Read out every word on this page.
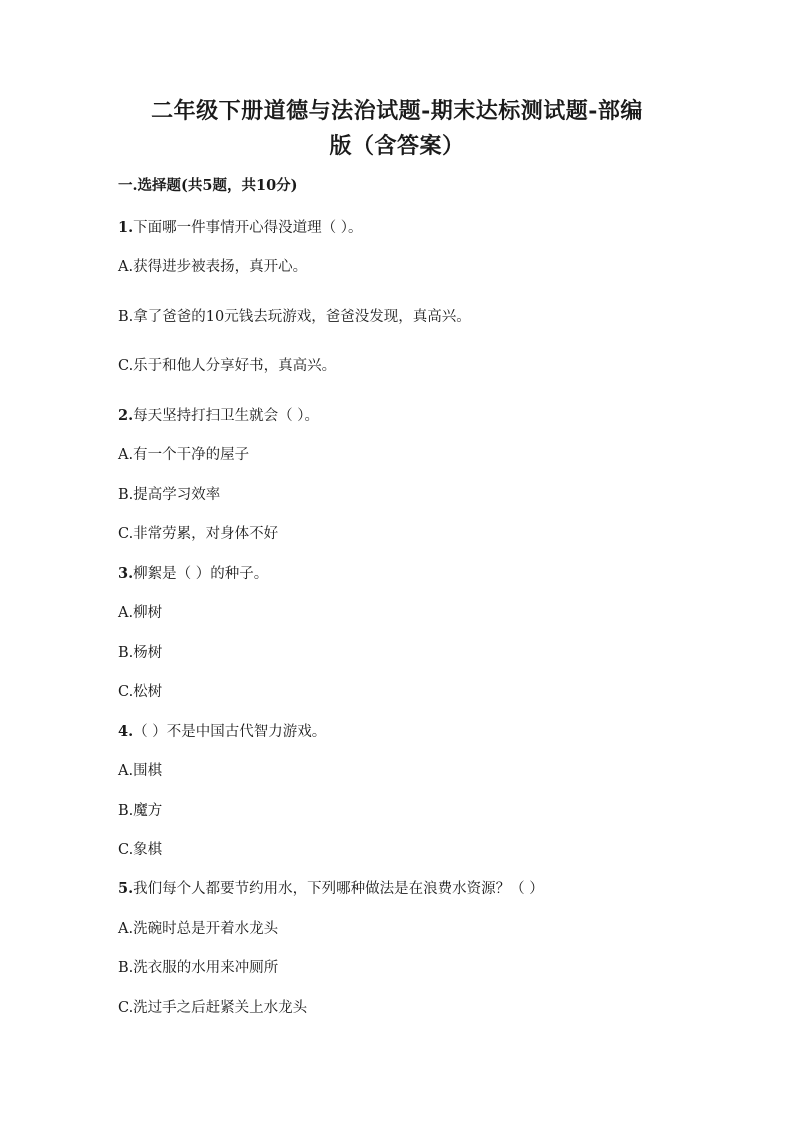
二年级下册道德与法治试题-期末达标测试题-部编
版（含答案）
一.选择题(共5题，共10分)
1.下面哪一件事情开心得没道理（ ）。
A.获得进步被表扬，真开心。
B.拿了爸爸的10元钱去玩游戏，爸爸没发现，真高兴。
C.乐于和他人分享好书，真高兴。
2.每天坚持打扫卫生就会（ ）。
A.有一个干净的屋子
B.提高学习效率
C.非常劳累，对身体不好
3.柳絮是（ ）的种子。
A.柳树
B.杨树
C.松树
4.（ ）不是中国古代智力游戏。
A.围棋
B.魔方
C.象棋
5.我们每个人都要节约用水，下列哪种做法是在浪费水资源？（ ）
A.洗碗时总是开着水龙头
B.洗衣服的水用来冲厕所
C.洗过手之后赶紧关上水龙头
